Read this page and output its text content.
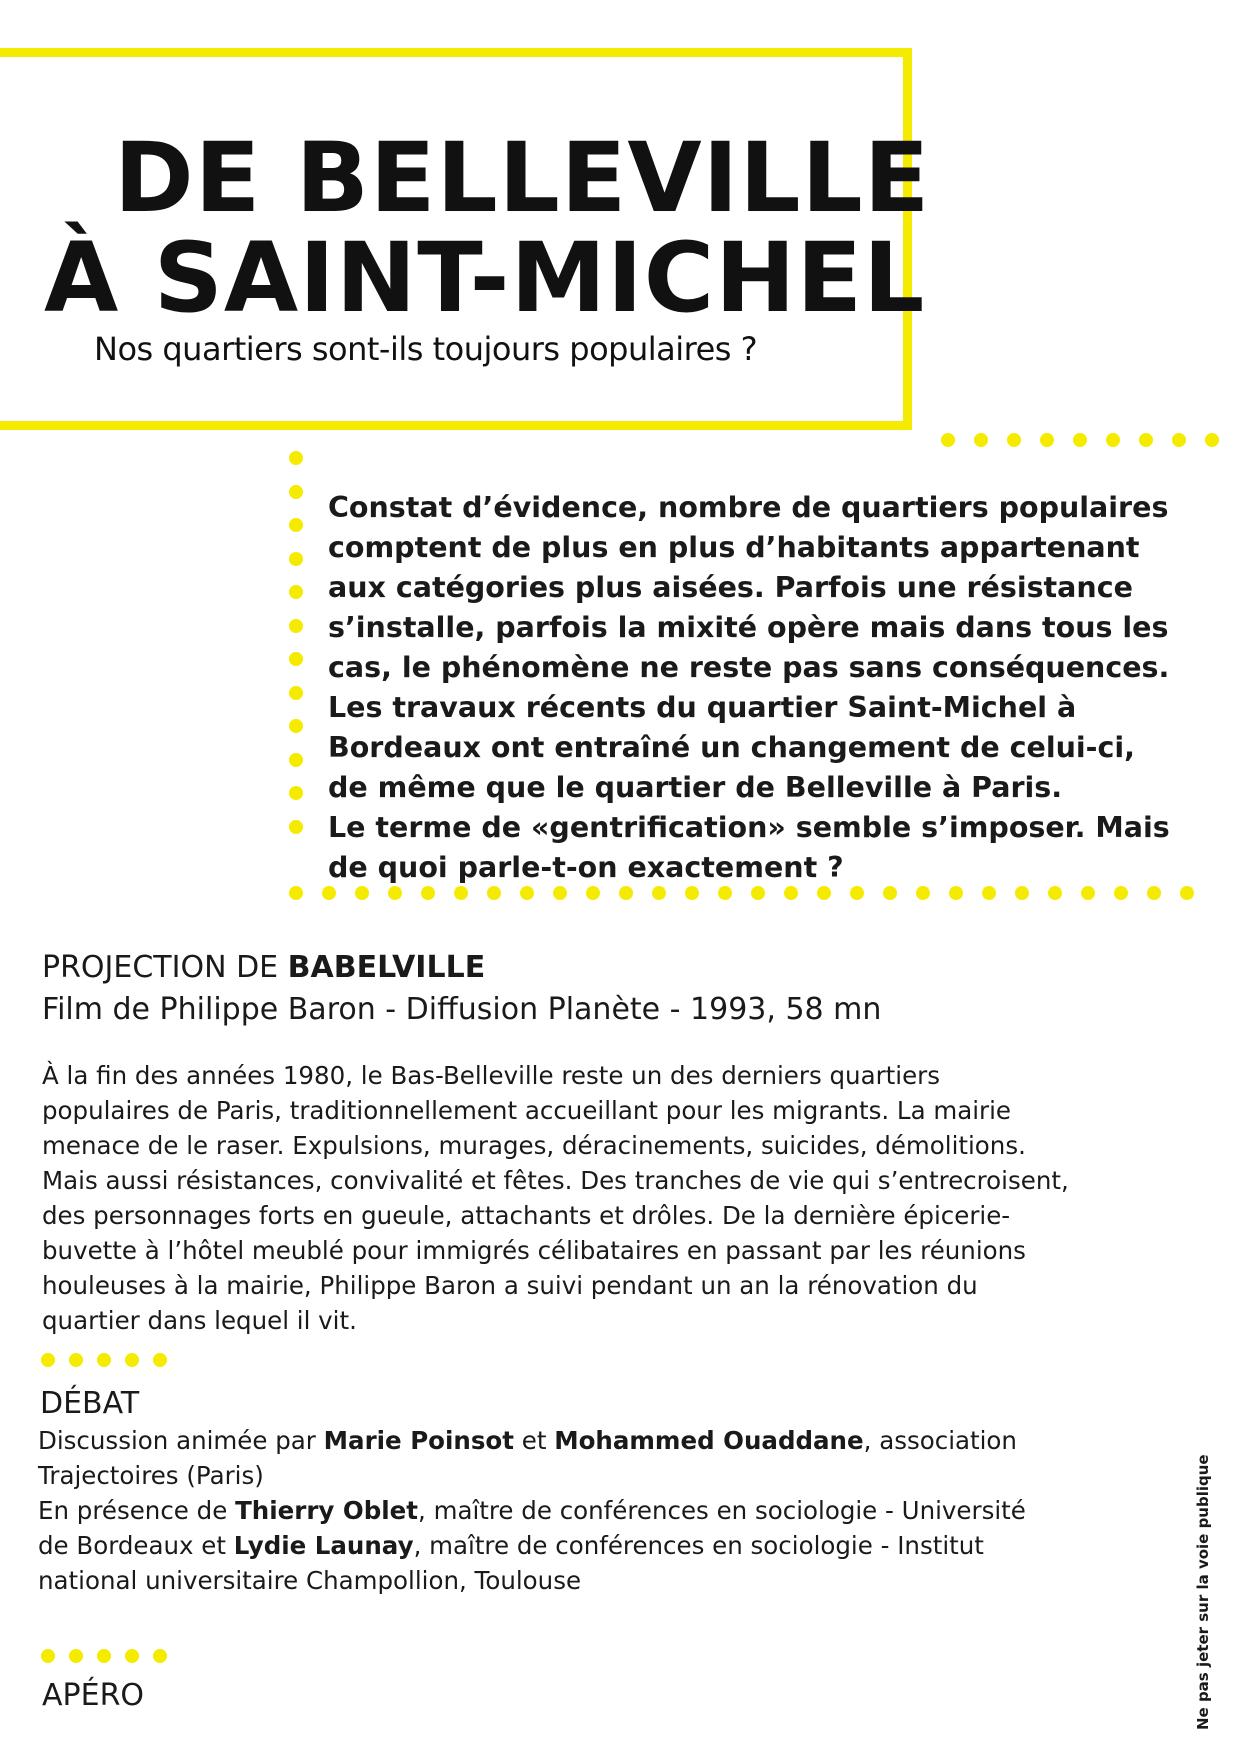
DE BELLEVILLE
À SAINT-MICHEL

Nos quartiers sont-ils toujours populaires ?

Constat d’évidence, nombre de quartiers populaires
comptent de plus en plus d’habitants appartenant
aux catégories plus aisées. Parfois une résistance
s’installe, parfois la mixité opère mais dans tous les
cas, le phénomène ne reste pas sans conséquences.
Les travaux récents du quartier Saint-Michel à
Bordeaux ont entraîné un changement de celui-ci,
de même que le quartier de Belleville à Paris.
Le terme de «gentrification» semble s’imposer. Mais
de quoi parle-t-on exactement ?
PROJECTION DE BABELVILLE

Film de Philippe Baron - Diffusion Planète - 1993, 58 mn

À la fin des années 1980, le Bas-Belleville reste un des derniers quartiers
populaires de Paris, traditionnellement accueillant pour les migrants. La mairie
menace de le raser. Expulsions, murages, déracinements, suicides, démolitions.
Mais aussi résistances, convivalité et fêtes. Des tranches de vie qui s’entrecroisent,
des personnages forts en gueule, attachants et drôles. De la dernière épicerie-
buvette à l’hôtel meublé pour immigrés célibataires en passant par les réunions
houleuses à la mairie, Philippe Baron a suivi pendant un an la rénovation du
quartier dans lequel il vit.
DÉBAT
Discussion animée par Marie Poinsot et Mohammed Ouaddane, association
Trajectoires (Paris)
En présence de Thierry Oblet, maître de conférences en sociologie - Université
de Bordeaux et Lydie Launay, maître de conférences en sociologie - Institut
national universitaire Champollion, Toulouse
APÉRO	Ne pas jeter sur la voie publique
